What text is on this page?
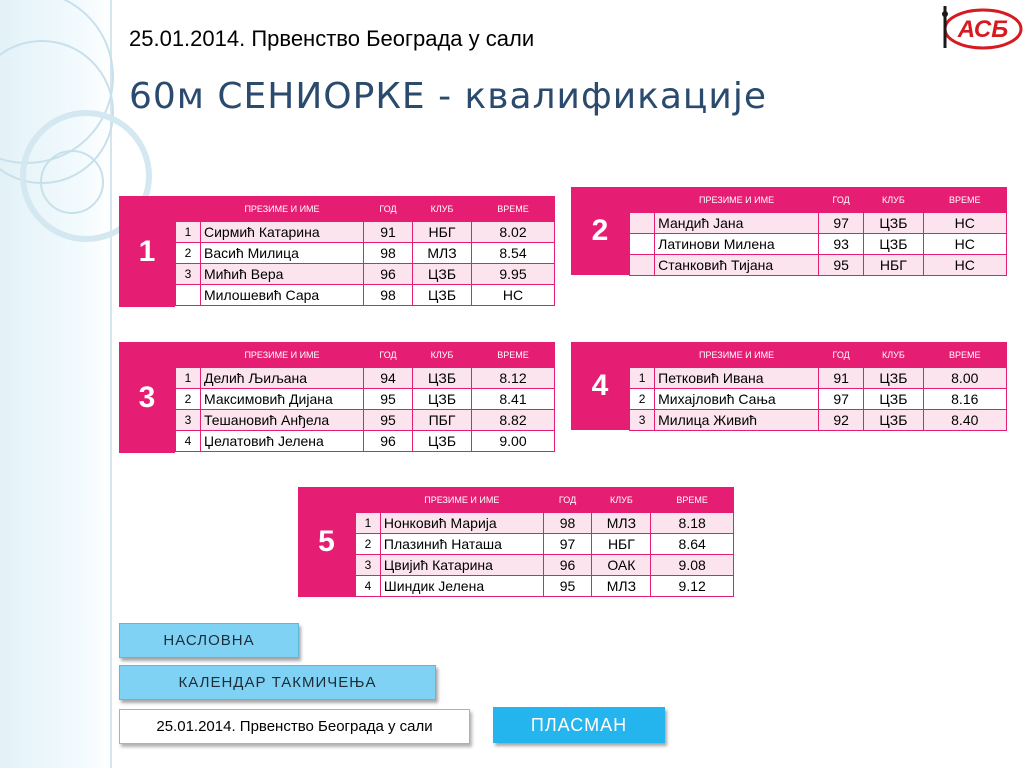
25.01.2014. Првенство Београда у сали
60м СЕНИОРКЕ - квалификације
АСБ
1
	ПРЕЗИМЕ И ИМЕ	ГОД	КЛУБ	ВРЕМЕ
1	Сирмић Катарина	91	НБГ	8.02
2	Васић Милица	98	МЛЗ	8.54
3	Мићић Вера	96	ЦЗБ	9.95
	Милошевић Сара	98	ЦЗБ	НС
2
	ПРЕЗИМЕ И ИМЕ	ГОД	КЛУБ	ВРЕМЕ
	Мандић Јана	97	ЦЗБ	НС
	Латинови Милена	93	ЦЗБ	НС
	Станковић Тијана	95	НБГ	НС
3
	ПРЕЗИМЕ И ИМЕ	ГОД	КЛУБ	ВРЕМЕ
1	Делић Љиљана	94	ЦЗБ	8.12
2	Максимовић Дијана	95	ЦЗБ	8.41
3	Тешановић Анђела	95	ПБГ	8.82
4	Џелатовић Јелена	96	ЦЗБ	9.00
4
	ПРЕЗИМЕ И ИМЕ	ГОД	КЛУБ	ВРЕМЕ
1	Петковић Ивана	91	ЦЗБ	8.00
2	Михајловић Сања	97	ЦЗБ	8.16
3	Милица Живић	92	ЦЗБ	8.40
5
	ПРЕЗИМЕ И ИМЕ	ГОД	КЛУБ	ВРЕМЕ
1	Нонковић Марија	98	МЛЗ	8.18
2	Плазинић Наташа	97	НБГ	8.64
3	Цвијић Катарина	96	ОАК	9.08
4	Шиндик Јелена	95	МЛЗ	9.12
НАСЛОВНА
КАЛЕНДАР ТАКМИЧЕЊА
25.01.2014. Првенство Београда у сали	ПЛАСМАН
